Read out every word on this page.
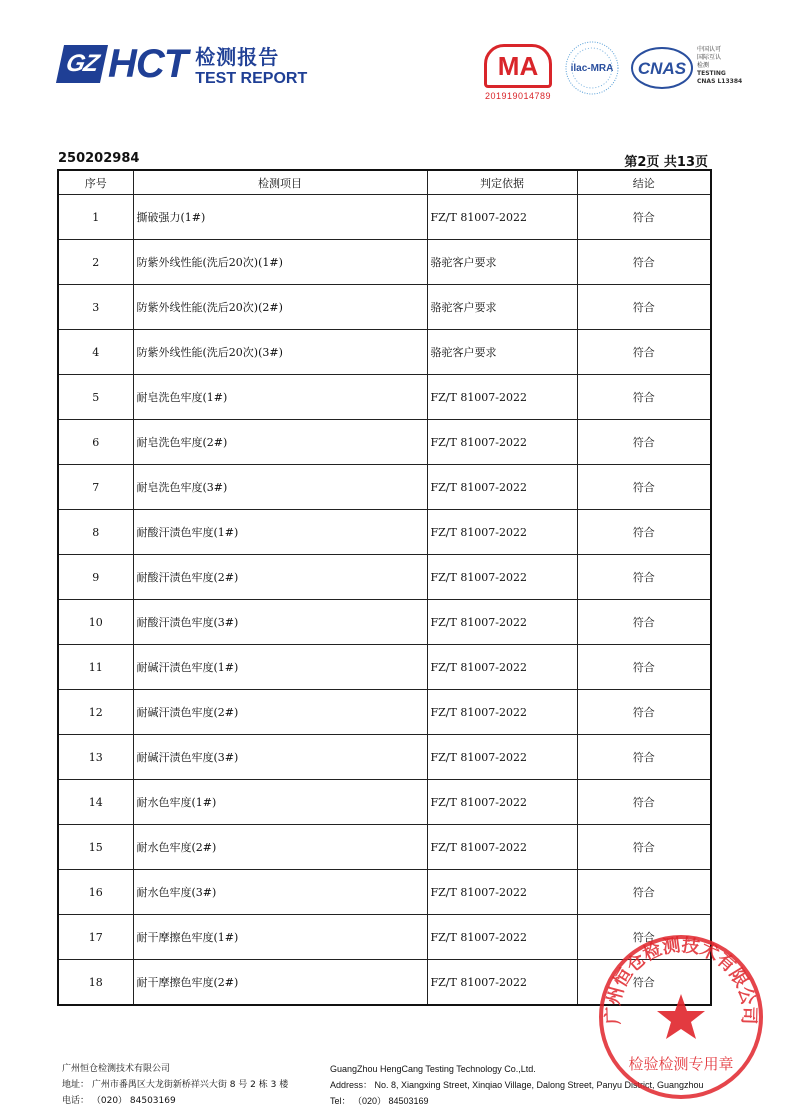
GZ HCT 检测报告
TEST REPORT	MA
201919014789
ilac-MRA CNAS
中国认可
国际互认
检测
TESTING
CNAS L13384
250202984	第2页 共13页
序号	检测项目	判定依据	结论
1	撕破强力(1#)	FZ/T 81007-2022	符合
2	防紫外线性能(洗后20次)(1#)	骆驼客户要求	符合
3	防紫外线性能(洗后20次)(2#)	骆驼客户要求	符合
4	防紫外线性能(洗后20次)(3#)	骆驼客户要求	符合
5	耐皂洗色牢度(1#)	FZ/T 81007-2022	符合
6	耐皂洗色牢度(2#)	FZ/T 81007-2022	符合
7	耐皂洗色牢度(3#)	FZ/T 81007-2022	符合
8	耐酸汗渍色牢度(1#)	FZ/T 81007-2022	符合
9	耐酸汗渍色牢度(2#)	FZ/T 81007-2022	符合
10	耐酸汗渍色牢度(3#)	FZ/T 81007-2022	符合
11	耐碱汗渍色牢度(1#)	FZ/T 81007-2022	符合
12	耐碱汗渍色牢度(2#)	FZ/T 81007-2022	符合
13	耐碱汗渍色牢度(3#)	FZ/T 81007-2022	符合
14	耐水色牢度(1#)	FZ/T 81007-2022	符合
15	耐水色牢度(2#)	FZ/T 81007-2022	符合
16	耐水色牢度(3#)	FZ/T 81007-2022	符合
17	耐干摩擦色牢度(1#)	FZ/T 81007-2022	符合
18	耐干摩擦色牢度(2#)	FZ/T 81007-2022	符合
广州恒仓检测技术有限公司
地址： 广州市番禺区大龙街新桥祥兴大街 8 号 2 栋 3 楼
电话： （020） 84503169
GuangZhou HengCang Testing Technology Co.,Ltd.
Address： No. 8, Xiangxing Street, Xinqiao Village, Dalong Street, Panyu District, Guangzhou
Tel： （020） 84503169
广州恒仓检测技术有限公司
检验检测专用章
